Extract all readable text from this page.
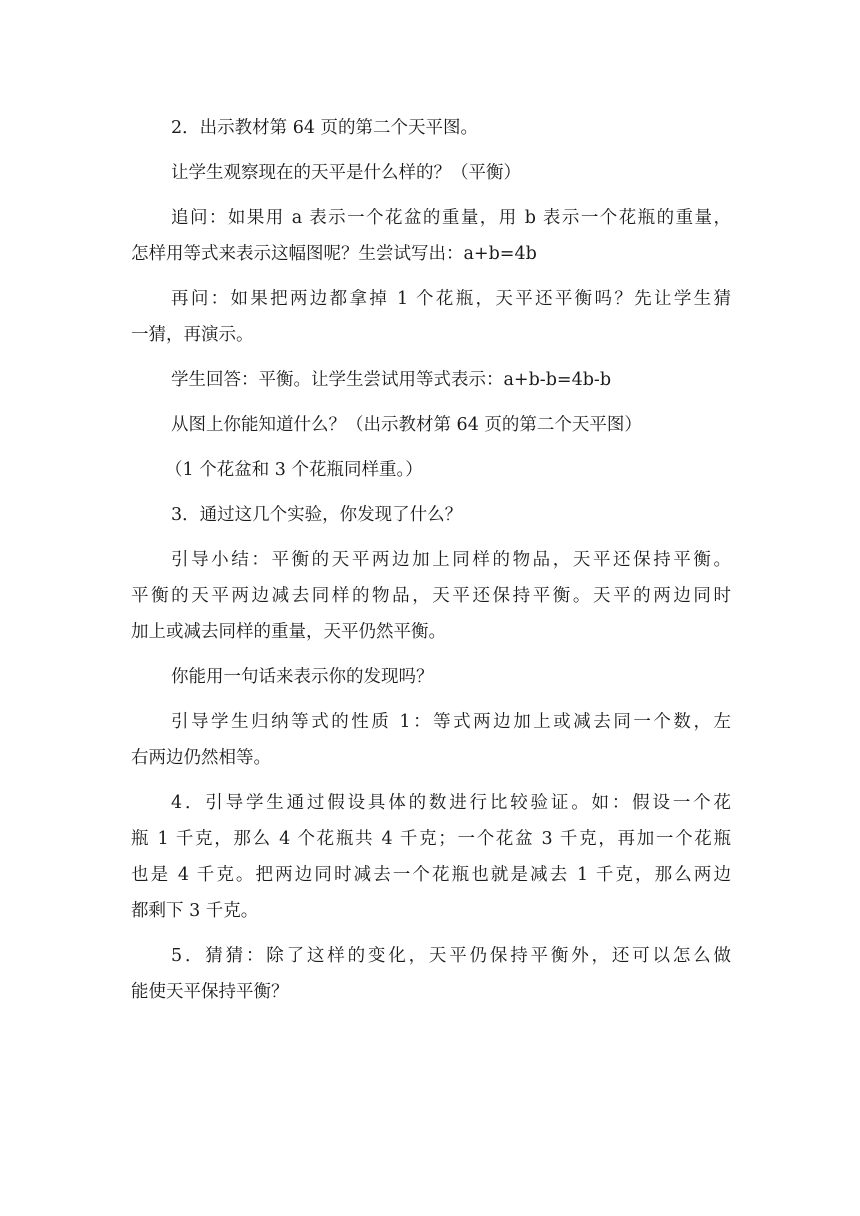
2．出示教材第 64 页的第二个天平图。

让学生观察现在的天平是什么样的？（平衡）

追问：如果用 a 表示一个花盆的重量，用 b 表示一个花瓶的重量，

怎样用等式来表示这幅图呢？生尝试写出：a+b=4b

再问：如果把两边都拿掉 1 个花瓶，天平还平衡吗？先让学生猜

一猜，再演示。

学生回答：平衡。让学生尝试用等式表示：a+b-b=4b-b

从图上你能知道什么？（出示教材第 64 页的第二个天平图）

（1 个花盆和 3 个花瓶同样重。）

3．通过这几个实验，你发现了什么？

引导小结：平衡的天平两边加上同样的物品，天平还保持平衡。

平衡的天平两边减去同样的物品，天平还保持平衡。天平的两边同时

加上或减去同样的重量，天平仍然平衡。

你能用一句话来表示你的发现吗？

引导学生归纳等式的性质 1：等式两边加上或减去同一个数，左

右两边仍然相等。

4．引导学生通过假设具体的数进行比较验证。如：假设一个花

瓶 1 千克，那么 4 个花瓶共 4 千克；一个花盆 3 千克，再加一个花瓶

也是 4 千克。把两边同时减去一个花瓶也就是减去 1 千克，那么两边

都剩下 3 千克。

5．猜猜：除了这样的变化，天平仍保持平衡外，还可以怎么做

能使天平保持平衡？
